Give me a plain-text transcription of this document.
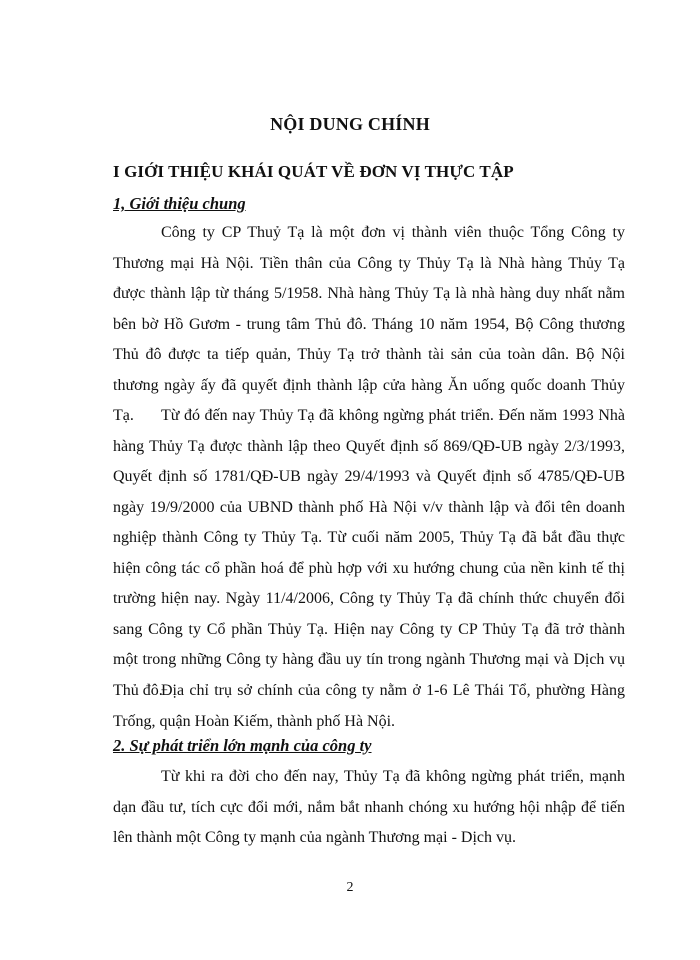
NỘI DUNG CHÍNH
I GIỚI THIỆU KHÁI QUÁT VỀ ĐƠN VỊ THỰC TẬP
1, Giới thiệu chung

Công ty CP Thuỷ Tạ là một đơn vị thành viên thuộc Tổng Công ty Thương mại Hà Nội. Tiền thân của Công ty Thủy Tạ là Nhà hàng Thủy Tạ được thành lập từ tháng 5/1958. Nhà hàng Thủy Tạ là nhà hàng duy nhất nằm bên bờ Hồ Gươm - trung tâm Thủ đô. Tháng 10 năm 1954, Bộ Công thương Thủ đô được ta tiếp quản, Thủy Tạ trở thành tài sản của toàn dân. Bộ Nội thương ngày ấy đã quyết định thành lập cửa hàng Ăn uống quốc doanh Thủy Tạ.	Từ đó đến nay Thủy Tạ đã không ngừng phát triển. Đến năm 1993 Nhà hàng Thủy Tạ được thành lập theo Quyết định số 869/QĐ-UB ngày 2/3/1993, Quyết định số 1781/QĐ-UB ngày 29/4/1993 và Quyết định số 4785/QĐ-UB ngày 19/9/2000 của UBND thành phố Hà Nội v/v thành lập và đổi tên doanh nghiệp thành Công ty Thủy Tạ. Từ cuối năm 2005, Thủy Tạ đã bắt đầu thực hiện công tác cổ phần hoá để phù hợp với xu hướng chung của nền kinh tế thị trường hiện nay. Ngày 11/4/2006, Công ty Thủy Tạ đã chính thức chuyển đổi sang Công ty Cổ phần Thủy Tạ. Hiện nay Công ty CP Thủy Tạ đã trở thành một trong những Công ty hàng đầu uy tín trong ngành Thương mại và Dịch vụ Thủ đô.

Địa chỉ trụ sở chính của công ty nằm ở 1-6 Lê Thái Tổ, phường Hàng Trống, quận Hoàn Kiếm, thành phố Hà Nội.

2. Sự phát triển lớn mạnh của công ty

Từ khi ra đời cho đến nay, Thủy Tạ đã không ngừng phát triển, mạnh dạn đầu tư, tích cực đổi mới, nắm bắt nhanh chóng xu hướng hội nhập để tiến lên thành một Công ty mạnh của ngành Thương mại - Dịch vụ.

2
